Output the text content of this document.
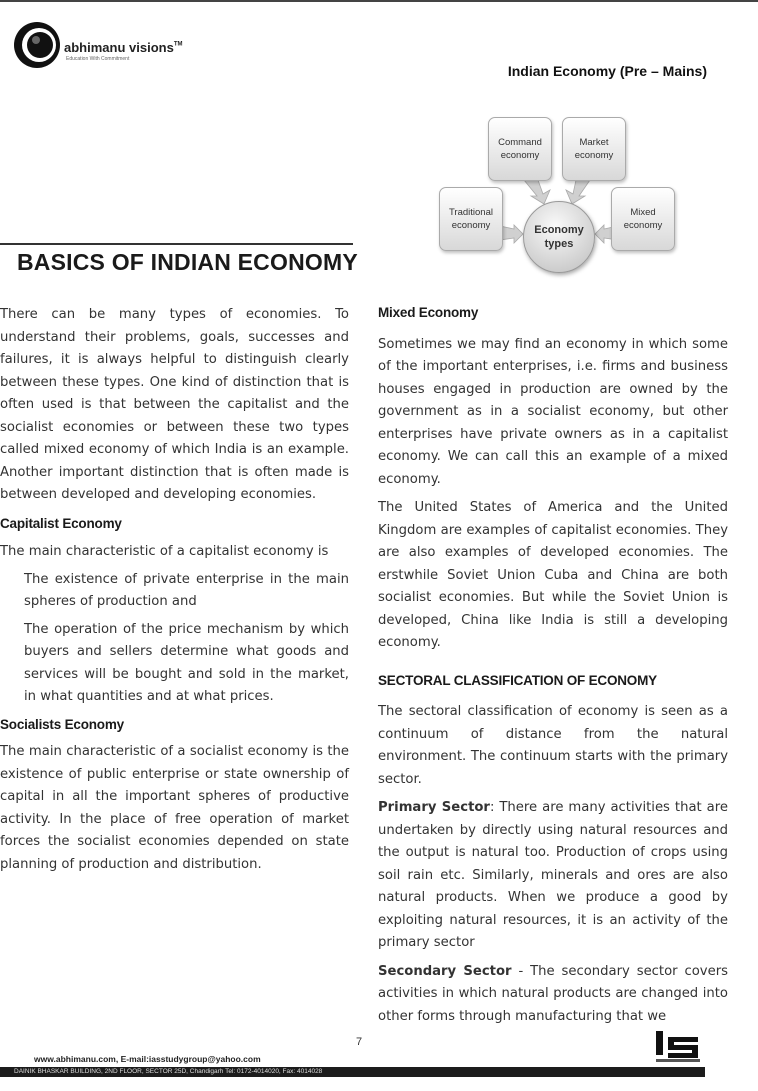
abhimanu visions™
Education With Commitment
Indian Economy (Pre – Mains)
Command economy
Market economy
Traditional economy
Mixed economy
Economy types
BASICS OF INDIAN ECONOMY

There can be many types of economies. To understand their problems, goals, successes and failures, it is always helpful to distinguish clearly between these types. One kind of distinction that is often used is that between the capitalist and the socialist economies or between these two types called mixed economy of which India is an example. Another important distinction that is often made is between developed and developing economies.

Capitalist Economy

The main characteristic of a capitalist economy is

The existence of private enterprise in the main spheres of production and
The operation of the price mechanism by which buyers and sellers determine what goods and services will be bought and sold in the market, in what quantities and at what prices.
Socialists Economy

The main characteristic of a socialist economy is the existence of public enterprise or state ownership of capital in all the important spheres of productive activity. In the place of free operation of market forces the socialist economies depended on state planning of production and distribution.

Mixed Economy

Sometimes we may find an economy in which some of the important enterprises, i.e. firms and business houses engaged in production are owned by the government as in a socialist economy, but other enterprises have private owners as in a capitalist economy. We can call this an example of a mixed economy.

The United States of America and the United Kingdom are examples of capitalist economies. They are also examples of developed economies. The erstwhile Soviet Union Cuba and China are both socialist economies. But while the Soviet Union is developed, China like India is still a developing economy.

SECTORAL CLASSIFICATION OF ECONOMY

The sectoral classification of economy is seen as a continuum of distance from the natural environment. The continuum starts with the primary sector.

Primary Sector: There are many activities that are undertaken by directly using natural resources and the output is natural too. Production of crops using soil rain etc. Similarly, minerals and ores are also natural products. When we produce a good by exploiting natural resources, it is an activity of the primary sector

Secondary Sector - The secondary sector covers activities in which natural products are changed into other forms through manufacturing that we

7
www.abhimanu.com, E-mail:iasstudygroup@yahoo.com
DAINIK BHASKAR BUILDING, 2ND FLOOR, SECTOR 25D, Chandigarh Tel: 0172-4014020, Fax: 4014028
